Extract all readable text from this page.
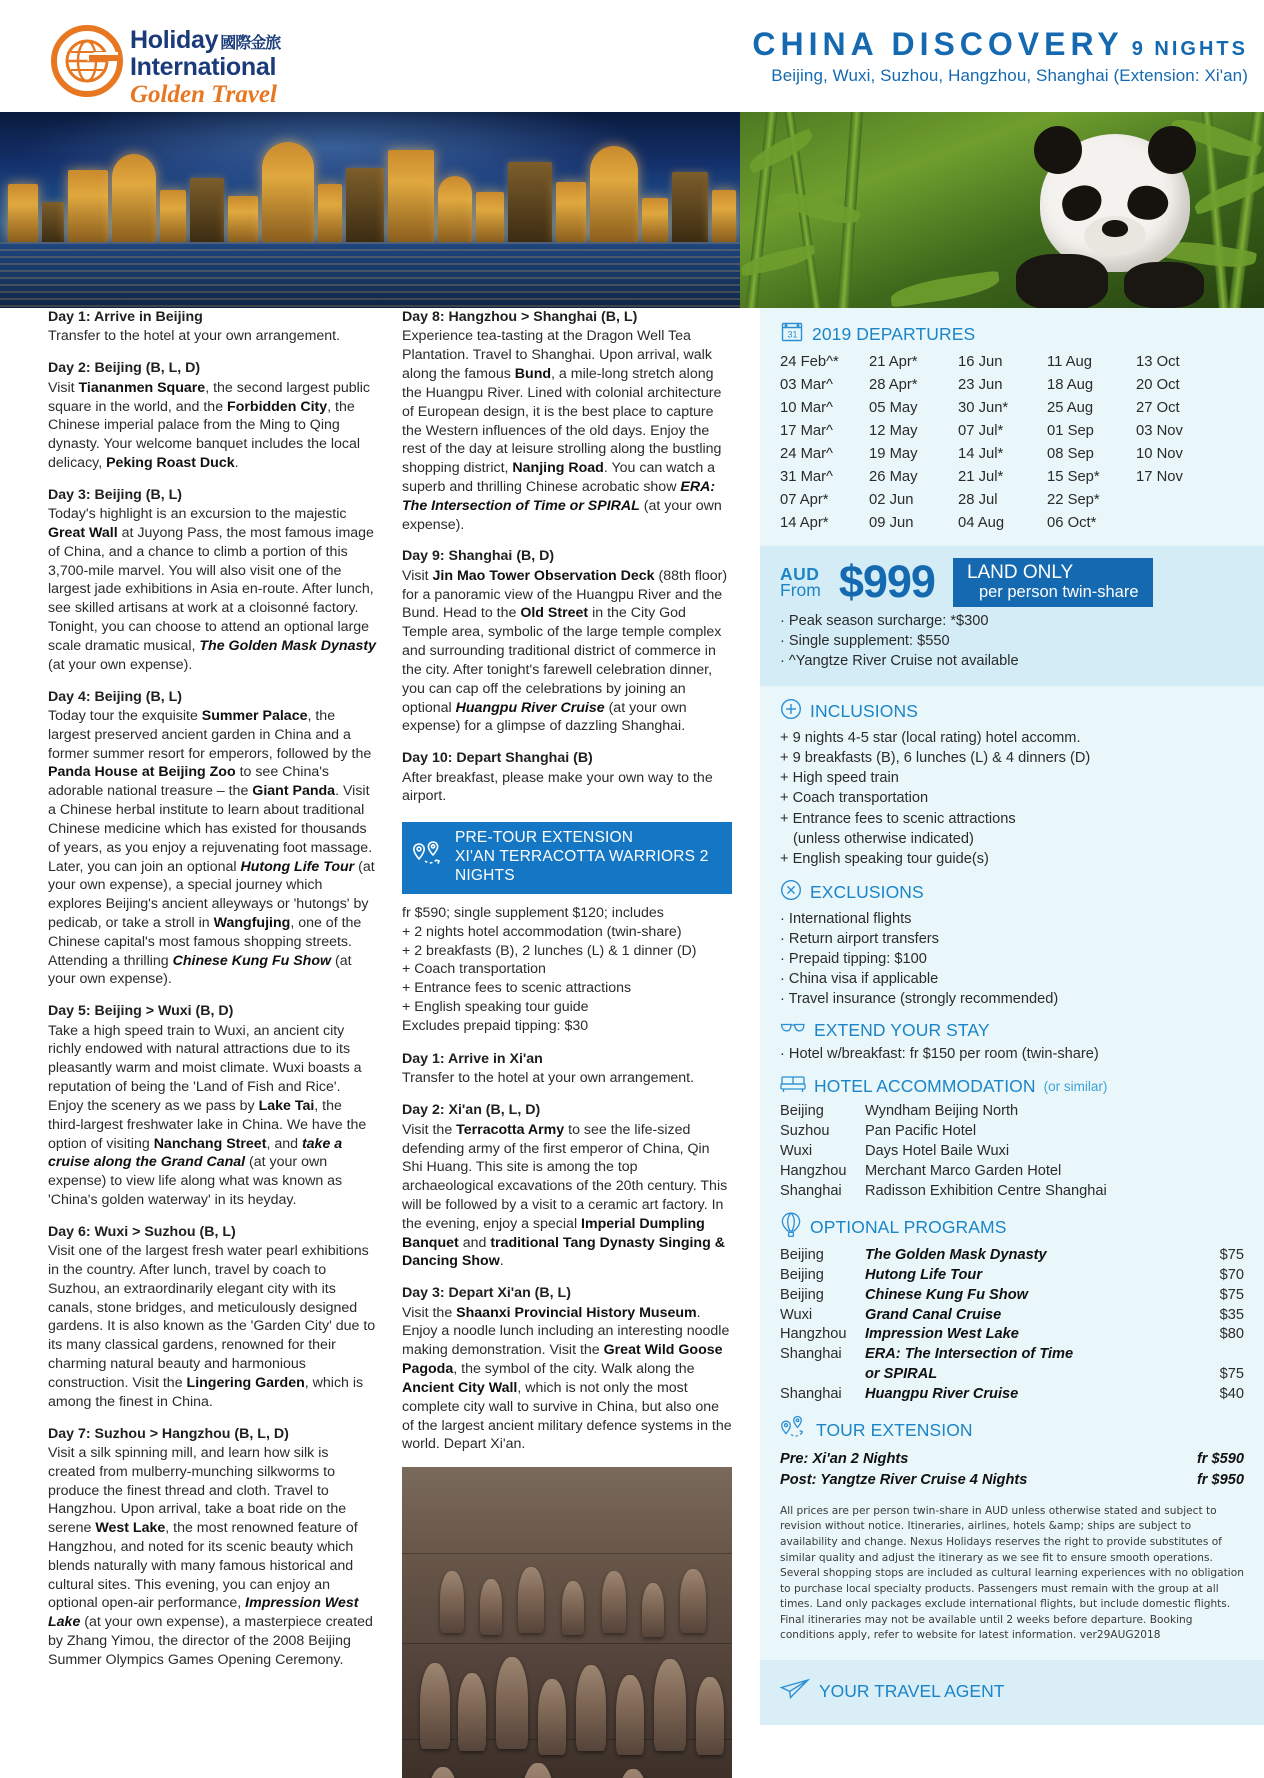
Holiday 國際金旅
International
Golden Travel
CHINA DISCOVERY 9 NIGHTS
Beijing, Wuxi, Suzhou, Hangzhou, Shanghai (Extension: Xi'an)
Day 1: Arrive in Beijing

Transfer to the hotel at your own arrangement.

Day 2: Beijing (B, L, D)

Visit Tiananmen Square, the second largest public square in the world, and the Forbidden City, the Chinese imperial palace from the Ming to Qing dynasty. Your welcome banquet includes the local delicacy, Peking Roast Duck.

Day 3: Beijing (B, L)

Today's highlight is an excursion to the majestic Great Wall at Juyong Pass, the most famous image of China, and a chance to climb a portion of this 3,700-mile marvel. You will also visit one of the largest jade exhibitions in Asia en-route. After lunch, see skilled artisans at work at a cloisonné factory. Tonight, you can choose to attend an optional large scale dramatic musical, The Golden Mask Dynasty (at your own expense).

Day 4: Beijing (B, L)

Today tour the exquisite Summer Palace, the largest preserved ancient garden in China and a former summer resort for emperors, followed by the Panda House at Beijing Zoo to see China's adorable national treasure – the Giant Panda. Visit a Chinese herbal institute to learn about traditional Chinese medicine which has existed for thousands of years, as you enjoy a rejuvenating foot massage. Later, you can join an optional Hutong Life Tour (at your own expense), a special journey which explores Beijing's ancient alleyways or 'hutongs' by pedicab, or take a stroll in Wangfujing, one of the Chinese capital's most famous shopping streets. Attending a thrilling Chinese Kung Fu Show (at your own expense).

Day 5: Beijing > Wuxi (B, D)

Take a high speed train to Wuxi, an ancient city richly endowed with natural attractions due to its pleasantly warm and moist climate. Wuxi boasts a reputation of being the 'Land of Fish and Rice'. Enjoy the scenery as we pass by Lake Tai, the third-largest freshwater lake in China. We have the option of visiting Nanchang Street, and take a cruise along the Grand Canal (at your own expense) to view life along what was known as 'China's golden waterway' in its heyday.

Day 6: Wuxi > Suzhou (B, L)

Visit one of the largest fresh water pearl exhibitions in the country. After lunch, travel by coach to Suzhou, an extraordinarily elegant city with its canals, stone bridges, and meticulously designed gardens. It is also known as the 'Garden City' due to its many classical gardens, renowned for their charming natural beauty and harmonious construction. Visit the Lingering Garden, which is among the finest in China.

Day 7: Suzhou > Hangzhou (B, L, D)

Visit a silk spinning mill, and learn how silk is created from mulberry-munching silkworms to produce the finest thread and cloth. Travel to Hangzhou. Upon arrival, take a boat ride on the serene West Lake, the most renowned feature of Hangzhou, and noted for its scenic beauty which blends naturally with many famous historical and cultural sites. This evening, you can enjoy an optional open-air performance, Impression West Lake (at your own expense), a masterpiece created by Zhang Yimou, the director of the 2008 Beijing Summer Olympics Games Opening Ceremony.

Day 8: Hangzhou > Shanghai (B, L)

Experience tea-tasting at the Dragon Well Tea Plantation. Travel to Shanghai. Upon arrival, walk along the famous Bund, a mile-long stretch along the Huangpu River. Lined with colonial architecture of European design, it is the best place to capture the Western influences of the old days. Enjoy the rest of the day at leisure strolling along the bustling shopping district, Nanjing Road. You can watch a superb and thrilling Chinese acrobatic show ERA: The Intersection of Time or SPIRAL (at your own expense).

Day 9: Shanghai (B, D)

Visit Jin Mao Tower Observation Deck (88th floor) for a panoramic view of the Huangpu River and the Bund. Head to the Old Street in the City God Temple area, symbolic of the large temple complex and surrounding traditional district of commerce in the city. After tonight's farewell celebration dinner, you can cap off the celebrations by joining an optional Huangpu River Cruise (at your own expense) for a glimpse of dazzling Shanghai.

Day 10: Depart Shanghai (B)

After breakfast, please make your own way to the airport.

PRE-TOUR EXTENSION
XI'AN TERRACOTTA WARRIORS 2 NIGHTS
fr $590; single supplement $120; includes
+ 2 nights hotel accommodation (twin-share)
+ 2 breakfasts (B), 2 lunches (L) & 1 dinner (D)
+ Coach transportation
+ Entrance fees to scenic attractions
+ English speaking tour guide
Excludes prepaid tipping: $30
Day 1: Arrive in Xi'an

Transfer to the hotel at your own arrangement.

Day 2: Xi'an (B, L, D)

Visit the Terracotta Army to see the life-sized defending army of the first emperor of China, Qin Shi Huang. This site is among the top archaeological excavations of the 20th century. This will be followed by a visit to a ceramic art factory. In the evening, enjoy a special Imperial Dumpling Banquet and traditional Tang Dynasty Singing & Dancing Show.

Day 3: Depart Xi'an (B, L)

Visit the Shaanxi Provincial History Museum. Enjoy a noodle lunch including an interesting noodle making demonstration. Visit the Great Wild Goose Pagoda, the symbol of the city. Walk along the Ancient City Wall, which is not only the most complete city wall to survive in China, but also one of the largest ancient military defence systems in the world. Depart Xi'an.

31 2019 DEPARTURES
24 Feb^*	21 Apr*	16 Jun	11 Aug	13 Oct
03 Mar^	28 Apr*	23 Jun	18 Aug	20 Oct
10 Mar^	05 May	30 Jun*	25 Aug	27 Oct
17 Mar^	12 May	07 Jul*	01 Sep	03 Nov
24 Mar^	19 May	14 Jul*	08 Sep	10 Nov
31 Mar^	26 May	21 Jul*	15 Sep*	17 Nov
07 Apr*	02 Jun	28 Jul	22 Sep*	
14 Apr*	09 Jun	04 Aug	06 Oct*	
AUD
From $999 LAND ONLY
per person twin-share
· Peak season surcharge: *$300
· Single supplement: $550
· ^Yangtze River Cruise not available
INCLUSIONS
+ 9 nights 4-5 star (local rating) hotel accomm.
+ 9 breakfasts (B), 6 lunches (L) & 4 dinners (D)
+ High speed train
+ Coach transportation
+ Entrance fees to scenic attractions
(unless otherwise indicated)
+ English speaking tour guide(s)
EXCLUSIONS
· International flights
· Return airport transfers
· Prepaid tipping: $100
· China visa if applicable
· Travel insurance (strongly recommended)
EXTEND YOUR STAY
· Hotel w/breakfast: fr $150 per room (twin-share)
HOTEL ACCOMMODATION (or similar)
Beijing	Wyndham Beijing North
Suzhou	Pan Pacific Hotel
Wuxi	Days Hotel Baile Wuxi
Hangzhou	Merchant Marco Garden Hotel
Shanghai	Radisson Exhibition Centre Shanghai
OPTIONAL PROGRAMS
Beijing	The Golden Mask Dynasty	$75
Beijing	Hutong Life Tour	$70
Beijing	Chinese Kung Fu Show	$75
Wuxi	Grand Canal Cruise	$35
Hangzhou	Impression West Lake	$80
Shanghai	ERA: The Intersection of Time	
	or SPIRAL	$75
Shanghai	Huangpu River Cruise	$40
TOUR EXTENSION
Pre: Xi'an 2 Nights	fr $590
Post: Yangtze River Cruise 4 Nights	fr $950
All prices are per person twin-share in AUD unless otherwise stated and subject to revision without notice. Itineraries, airlines, hotels &amp; ships are subject to availability and change. Nexus Holidays reserves the right to provide substitutes of similar quality and adjust the itinerary as we see fit to ensure smooth operations. Several shopping stops are included as cultural learning experiences with no obligation to purchase local specialty products. Passengers must remain with the group at all times. Land only packages exclude international flights, but include domestic flights. Final itineraries may not be available until 2 weeks before departure. Booking conditions apply, refer to website for latest information. ver29AUG2018
YOUR TRAVEL AGENT
